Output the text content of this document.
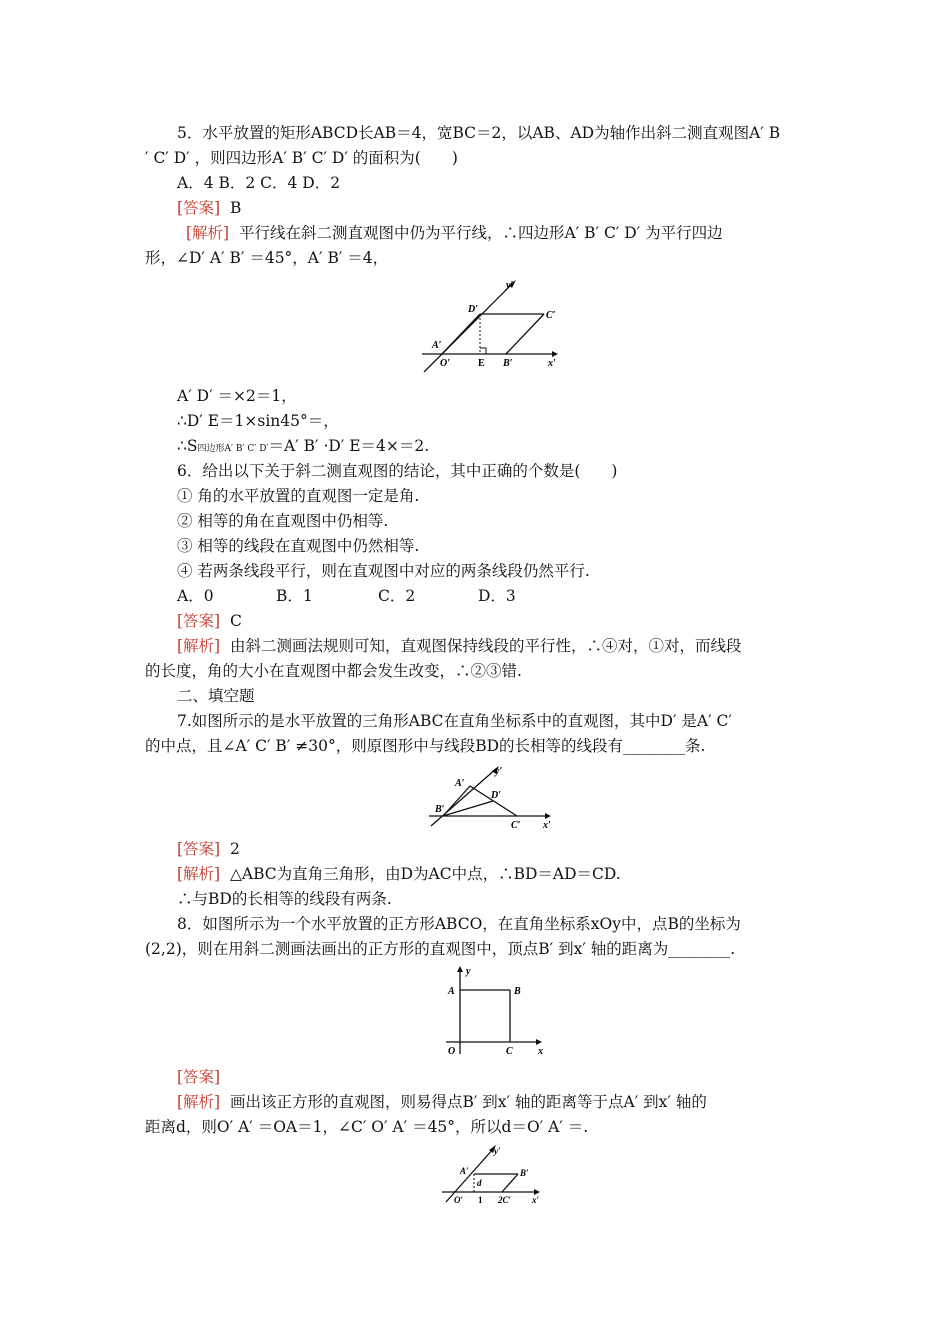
5．水平放置的矩形ABCD长AB＝4，宽BC＝2，以AB、AD为轴作出斜二测直观图A′ B
′ C′ D′ ，则四边形A′ B′ C′ D′ 的面积为(　　)
A．4 B．2 C．4 D．2
[答案] B
[解析] 平行线在斜二测直观图中仍为平行线，∴四边形A′ B′ C′ D′ 为平行四边
形，∠D′ A′ B′ ＝45°，A′ B′ ＝4，
y′
D′
C′
A′
O′	E B′	x′
A′ D′ ＝×2＝1，
∴D′ E＝1×sin45°＝，
∴S四边形A′ B′ C′ D′＝A′ B′ ·D′ E＝4×＝2.
6．给出以下关于斜二测直观图的结论，其中正确的个数是(　　)
① 角的水平放置的直观图一定是角.
② 相等的角在直观图中仍相等.
③ 相等的线段在直观图中仍然相等.
④ 若两条线段平行，则在直观图中对应的两条线段仍然平行.
A．0	B．1	C．2	D．3
[答案] C
[解析] 由斜二测画法规则可知，直观图保持线段的平行性，∴④对，①对，而线段
的长度，角的大小在直观图中都会发生改变，∴②③错.
二、填空题
7.如图所示的是水平放置的三角形ABC在直角坐标系中的直观图，其中D′ 是A′ C′
的中点，且∠A′ C′ B′ ≠30°，则原图形中与线段BD的长相等的线段有________条.
y′
A′
D′
B′
C′ x′
[答案] 2
[解析] △ABC为直角三角形，由D为AC中点，∴BD＝AD＝CD.
∴与BD的长相等的线段有两条.
8．如图所示为一个水平放置的正方形ABCO，在直角坐标系xOy中，点B的坐标为
(2,2)，则在用斜二测画法画出的正方形的直观图中，顶点B′ 到x′ 轴的距离为________.
y
A	B
O	C	x
[答案]
[解析] 画出该正方形的直观图，则易得点B′ 到x′ 轴的距离等于点A′ 到x′ 轴的
距离d，则O′ A′ ＝OA＝1，∠C′ O′ A′ ＝45°，所以d＝O′ A′ ＝.
y′
A′	B′
d
O′ 1 2C′ x′
